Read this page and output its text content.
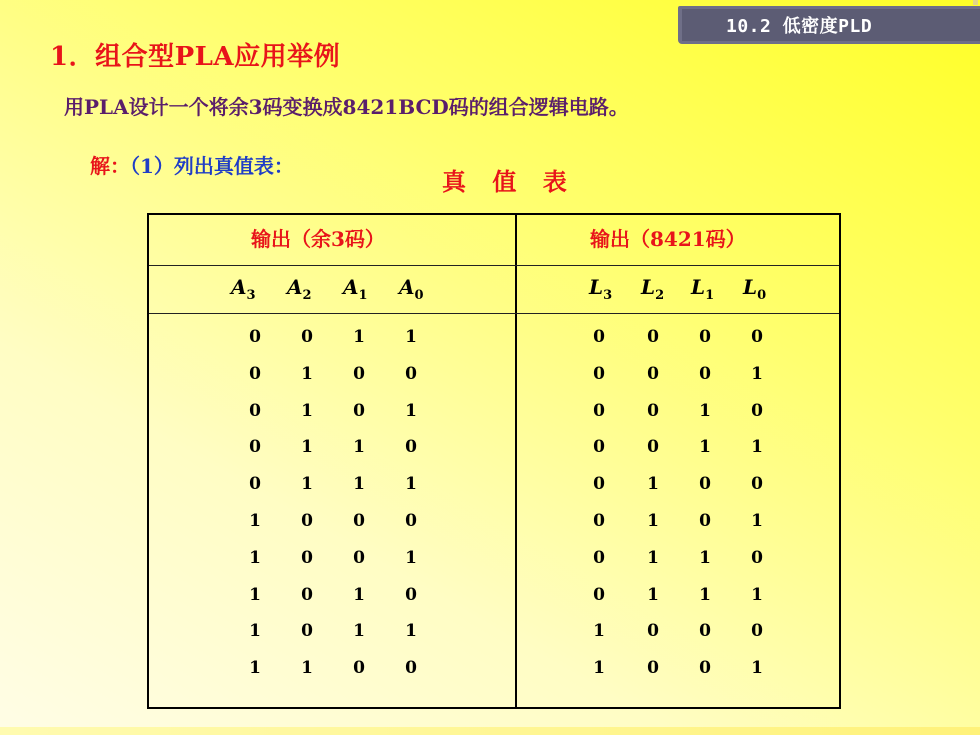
10.2 低密度PLD
1．组合型PLA应用举例
用PLA设计一个将余3码变换成8421BCD码的组合逻辑电路。
解：（1）列出真值表：
真 值 表
输出（余3码）	输出（8421码）
$A_3$ $A_2$ $A_1$ $A_0$	$L_3$ $L_2$ $L_1$ $L_0$
0 0 1 1	0 0 0 0
0 1 0 0	0 0 0 1
0 1 0 1	0 0 1 0
0 1 1 0	0 0 1 1
0 1 1 1	0 1 0 0
1 0 0 0	0 1 0 1
1 0 0 1	0 1 1 0
1 0 1 0	0 1 1 1
1 0 1 1	1 0 0 0
1 1 0 0	1 0 0 1
